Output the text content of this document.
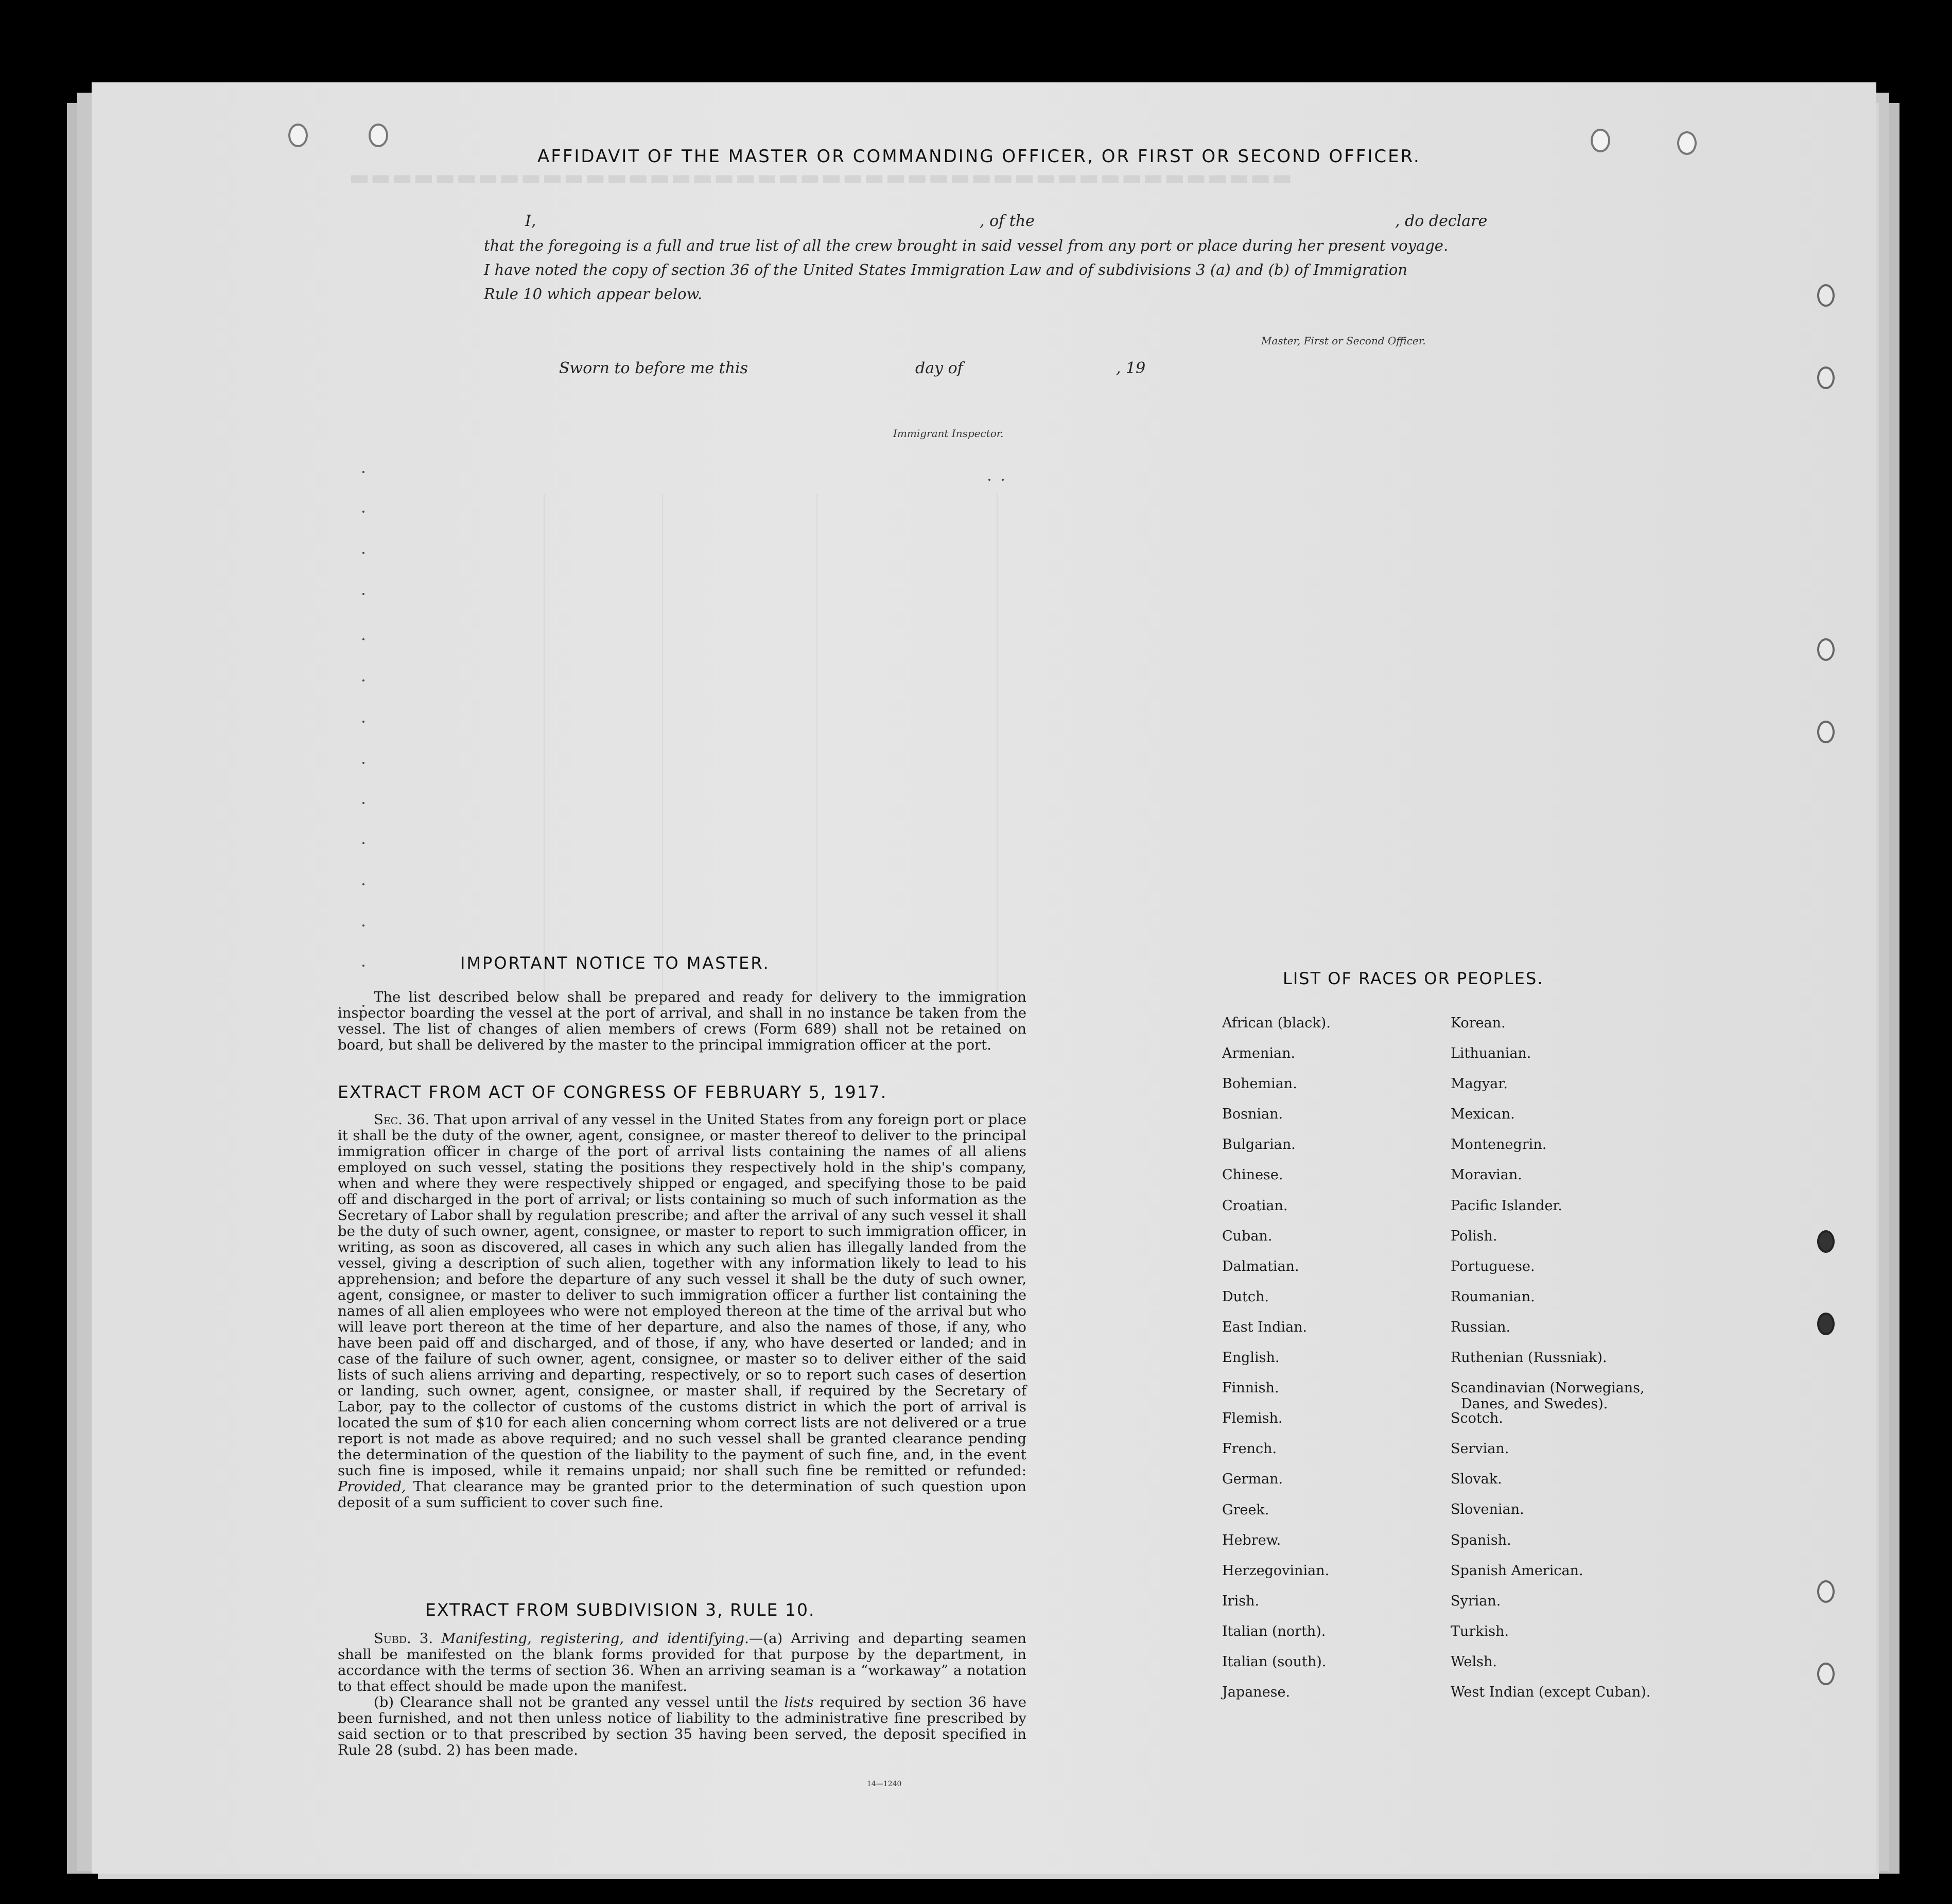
▬▬▬▬▬▬▬▬▬▬▬▬▬▬▬▬▬▬▬▬▬▬▬▬▬▬▬▬▬▬▬▬▬▬▬▬▬▬▬▬▬▬▬▬
AFFIDAVIT OF THE MASTER OR COMMANDING OFFICER, OR FIRST OR SECOND OFFICER.
I,	, of the	, do declare
that the foregoing is a full and true list of all the crew brought in said vessel from any port or place during her present voyage.
I have noted the copy of section 36 of the United States Immigration Law and of subdivisions 3 (a) and (b) of Immigration
Rule 10 which appear below.
Master, First or Second Officer.
Sworn to before me this	day of	, 19
Immigrant Inspector.
IMPORTANT NOTICE TO MASTER.

The list described below shall be prepared and ready for delivery to the immigration inspector boarding the vessel at the port of arrival, and shall in no instance be taken from the vessel. The list of changes of alien members of crews (Form 689) shall not be retained on board, but shall be delivered by the master to the principal immigration officer at the port.

EXTRACT FROM ACT OF CONGRESS OF FEBRUARY 5, 1917.

Sec. 36. That upon arrival of any vessel in the United States from any foreign port or place it shall be the duty of the owner, agent, consignee, or master thereof to deliver to the principal immigration officer in charge of the port of arrival lists containing the names of all aliens employed on such vessel, stating the positions they respectively hold in the ship's company, when and where they were respectively shipped or engaged, and specifying those to be paid off and discharged in the port of arrival; or lists containing so much of such information as the Secretary of Labor shall by regulation prescribe; and after the arrival of any such vessel it shall be the duty of such owner, agent, consignee, or master to report to such immigration officer, in writing, as soon as discovered, all cases in which any such alien has illegally landed from the vessel, giving a description of such alien, together with any information likely to lead to his apprehension; and before the departure of any such vessel it shall be the duty of such owner, agent, consignee, or master to deliver to such immigration officer a further list containing the names of all alien employees who were not employed thereon at the time of the arrival but who will leave port thereon at the time of her departure, and also the names of those, if any, who have been paid off and discharged, and of those, if any, who have deserted or landed; and in case of the failure of such owner, agent, consignee, or master so to deliver either of the said lists of such aliens arriving and departing, respectively, or so to report such cases of desertion or landing, such owner, agent, consignee, or master shall, if required by the Secretary of Labor, pay to the collector of customs of the customs district in which the port of arrival is located the sum of $10 for each alien concerning whom correct lists are not delivered or a true report is not made as above required; and no such vessel shall be granted clearance pending the determination of the question of the liability to the payment of such fine, and, in the event such fine is imposed, while it remains unpaid; nor shall such fine be remitted or refunded: Provided, That clearance may be granted prior to the determination of such question upon deposit of a sum sufficient to cover such fine.

EXTRACT FROM SUBDIVISION 3, RULE 10.

Subd. 3. Manifesting, registering, and identifying.—(a) Arriving and departing seamen shall be manifested on the blank forms provided for that purpose by the department, in accordance with the terms of section 36. When an arriving seaman is a “workaway” a notation to that effect should be made upon the manifest.

(b) Clearance shall not be granted any vessel until the lists required by section 36 have been furnished, and not then unless notice of liability to the administrative fine prescribed by said section or to that prescribed by section 35 having been served, the deposit specified in Rule 28 (subd. 2) has been made.

14—1240
LIST OF RACES OR PEOPLES.
African (black).
Armenian.
Bohemian.
Bosnian.
Bulgarian.
Chinese.
Croatian.
Cuban.
Dalmatian.
Dutch.
East Indian.
English.
Finnish.
Flemish.
French.
German.
Greek.
Hebrew.
Herzegovinian.
Irish.
Italian (north).
Italian (south).
Japanese.
Korean.
Lithuanian.
Magyar.
Mexican.
Montenegrin.
Moravian.
Pacific Islander.
Polish.
Portuguese.
Roumanian.
Russian.
Ruthenian (Russniak).
Scandinavian (Norwegians,
Danes, and Swedes).
Scotch.
Servian.
Slovak.
Slovenian.
Spanish.
Spanish American.
Syrian.
Turkish.
Welsh.
West Indian (except Cuban).
